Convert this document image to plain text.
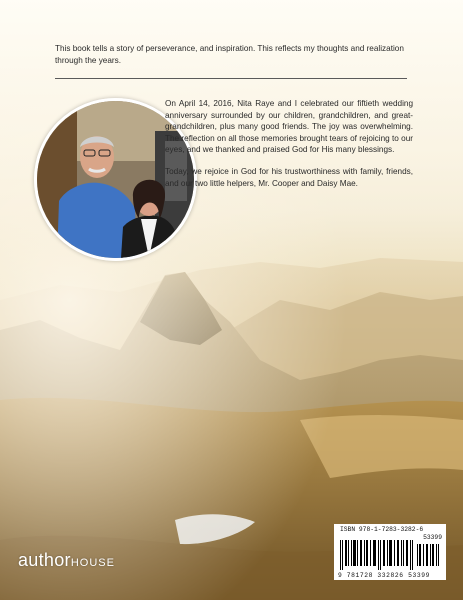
This book tells a story of perseverance, and inspiration. This reflects my thoughts and realization through the years.

On April 14, 2016, Nita Raye and I celebrated our fiftieth wedding anniversary surrounded by our children, grandchildren, and great-grandchildren, plus many good friends. The joy was overwhelming. The reflection on all those memories brought tears of rejoicing to our eyes, and we thanked and praised God for His many blessings.

Today, we rejoice in God for his trustworthiness with family, friends, and our two little helpers, Mr. Cooper and Daisy Mae.

authorHOUSE
ISBN 978-1-7283-3282-6
53399
9 781728 332826 53399
